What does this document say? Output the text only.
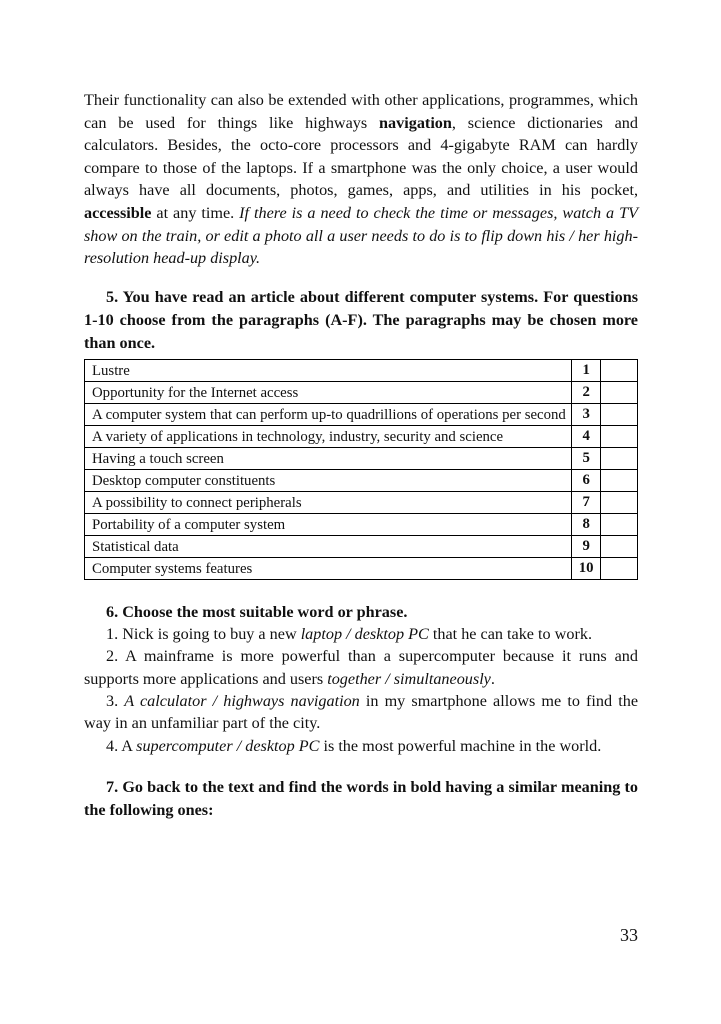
Their functionality can also be extended with other applications, programmes, which can be used for things like highways navigation, science dictionaries and calculators. Besides, the octo-core processors and 4-gigabyte RAM can hardly compare to those of the laptops. If a smartphone was the only choice, a user would always have all documents, photos, games, apps, and utilities in his pocket, accessible at any time. If there is a need to check the time or messages, watch a TV show on the train, or edit a photo all a user needs to do is to flip down his / her high-resolution head-up display.

5. You have read an article about different computer systems. For questions 1-10 choose from the paragraphs (A-F). The paragraphs may be chosen more than once.
Lustre	1	
Opportunity for the Internet access	2	
A computer system that can perform up-to quadrillions of operations per second	3	
A variety of applications in technology, industry, security and science	4	
Having a touch screen	5	
Desktop computer constituents	6	
A possibility to connect peripherals	7	
Portability of a computer system	8	
Statistical data	9	
Computer systems features	10	
6. Choose the most suitable word or phrase.

1. Nick is going to buy a new laptop / desktop PC that he can take to work.

2. A mainframe is more powerful than a supercomputer because it runs and supports more applications and users together / simultaneously.

3. A calculator / highways navigation in my smartphone allows me to find the way in an unfamiliar part of the city.

4. A supercomputer / desktop PC is the most powerful machine in the world.

7. Go back to the text and find the words in bold having a similar meaning to the following ones:
33
